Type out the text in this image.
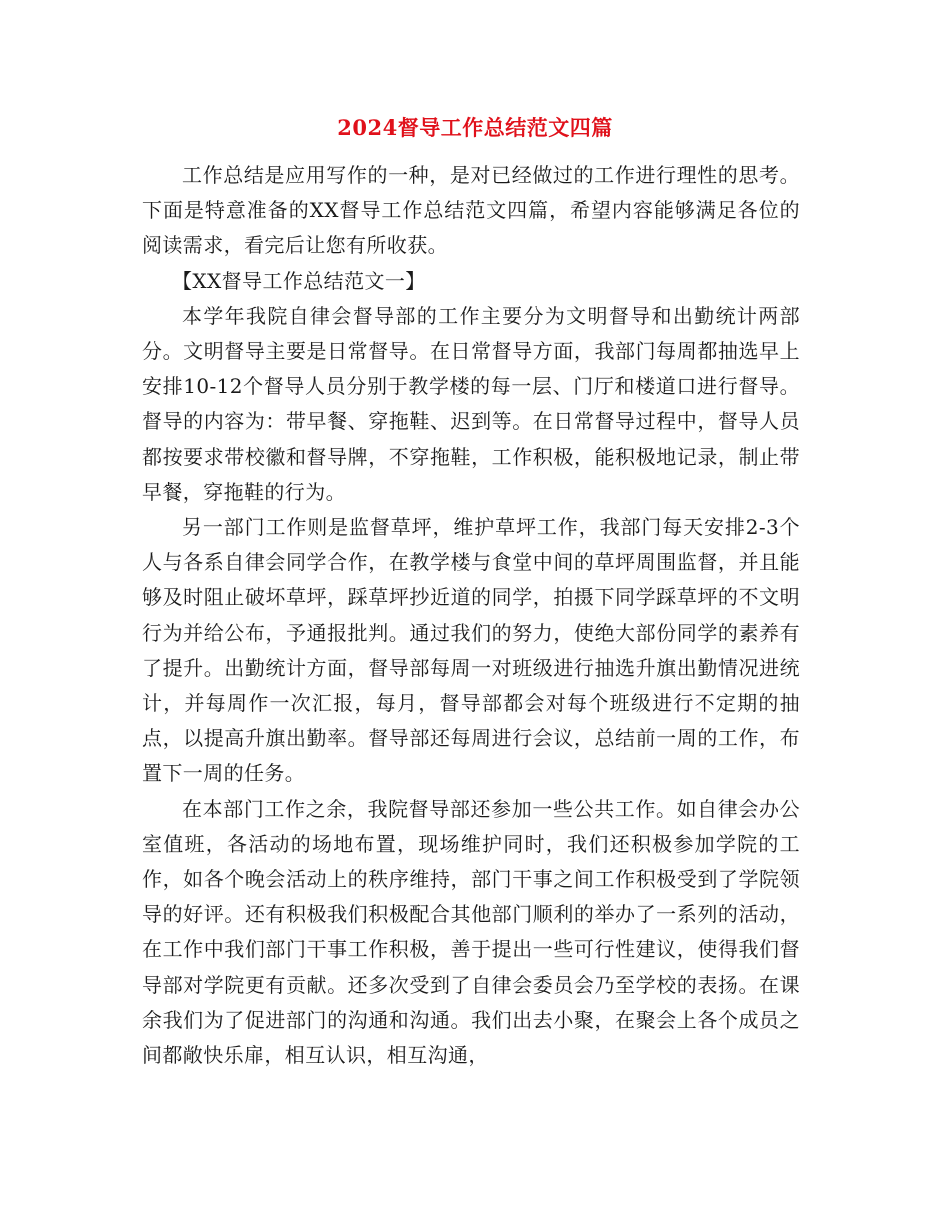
2024督导工作总结范文四篇

工作总结是应用写作的一种，是对已经做过的工作进行理性的思考。下面是特意准备的XX督导工作总结范文四篇，希望内容能够满足各位的阅读需求，看完后让您有所收获。

【XX督导工作总结范文一】

本学年我院自律会督导部的工作主要分为文明督导和出勤统计两部分。文明督导主要是日常督导。在日常督导方面，我部门每周都抽选早上安排10-12个督导人员分别于教学楼的每一层、门厅和楼道口进行督导。督导的内容为：带早餐、穿拖鞋、迟到等。在日常督导过程中，督导人员都按要求带校徽和督导牌，不穿拖鞋，工作积极，能积极地记录，制止带早餐，穿拖鞋的行为。

另一部门工作则是监督草坪，维护草坪工作，我部门每天安排2-3个人与各系自律会同学合作，在教学楼与食堂中间的草坪周围监督，并且能够及时阻止破坏草坪，踩草坪抄近道的同学，拍摄下同学踩草坪的不文明行为并给公布，予通报批判。通过我们的努力，使绝大部份同学的素养有了提升。出勤统计方面，督导部每周一对班级进行抽选升旗出勤情况进统计，并每周作一次汇报，每月，督导部都会对每个班级进行不定期的抽点，以提高升旗出勤率。督导部还每周进行会议，总结前一周的工作，布置下一周的任务。

在本部门工作之余，我院督导部还参加一些公共工作。如自律会办公室值班，各活动的场地布置，现场维护同时，我们还积极参加学院的工作，如各个晚会活动上的秩序维持，部门干事之间工作积极受到了学院领导的好评。还有积极我们积极配合其他部门顺利的举办了一系列的活动，在工作中我们部门干事工作积极，善于提出一些可行性建议，使得我们督导部对学院更有贡献。还多次受到了自律会委员会乃至学校的表扬。在课余我们为了促进部门的沟通和沟通。我们出去小聚，在聚会上各个成员之间都敞快乐扉，相互认识，相互沟通，
